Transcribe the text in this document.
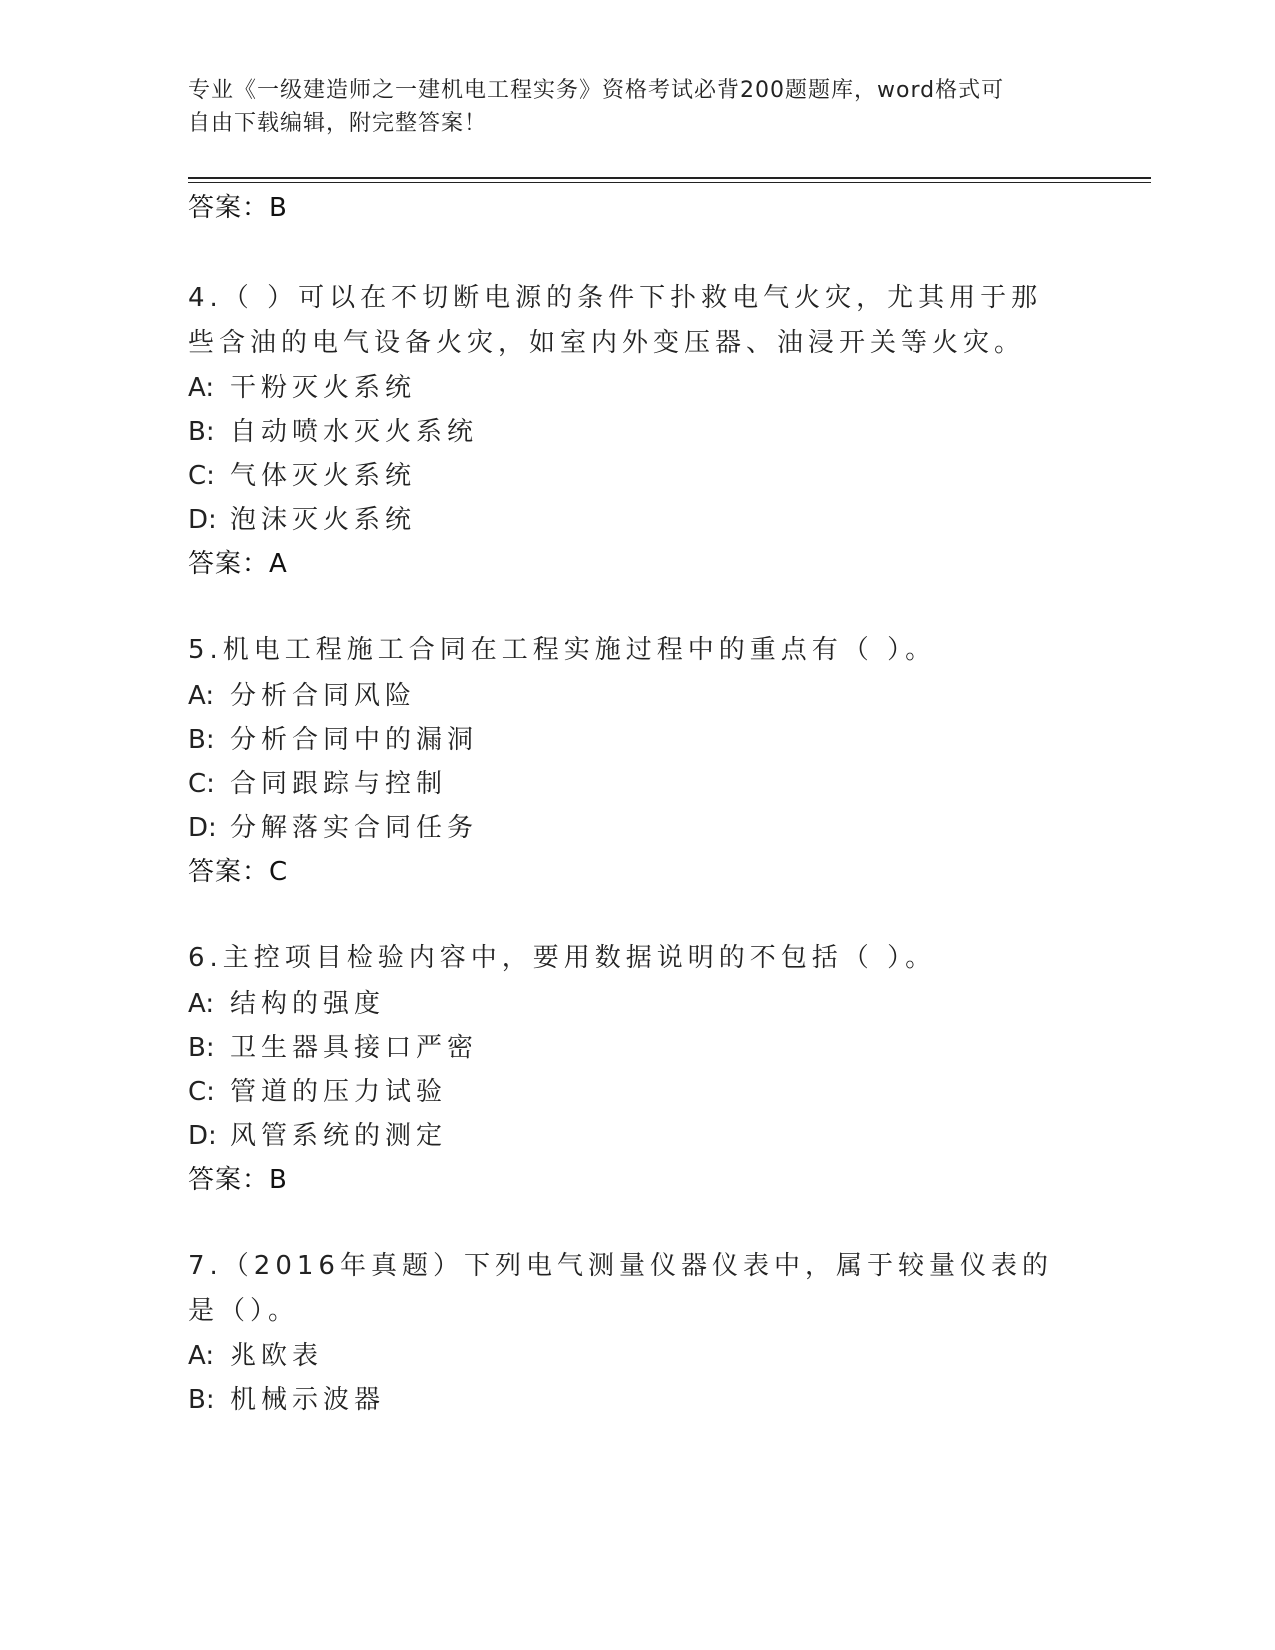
专业《一级建造师之一建机电工程实务》资格考试必背200题题库，word格式可
自由下载编辑，附完整答案！
答案：B
4.（ ）可以在不切断电源的条件下扑救电气火灾，尤其用于那些含油的电气设备火灾，如室内外变压器、油浸开关等火灾。
A: 干粉灭火系统
B: 自动喷水灭火系统
C: 气体灭火系统
D: 泡沫灭火系统
答案：A
5.机电工程施工合同在工程实施过程中的重点有（ ）。
A: 分析合同风险
B: 分析合同中的漏洞
C: 合同跟踪与控制
D: 分解落实合同任务
答案：C
6.主控项目检验内容中，要用数据说明的不包括（ ）。
A: 结构的强度
B: 卫生器具接口严密
C: 管道的压力试验
D: 风管系统的测定
答案：B
7.（2016年真题）下列电气测量仪器仪表中，属于较量仪表的是（）。
A: 兆欧表
B: 机械示波器
